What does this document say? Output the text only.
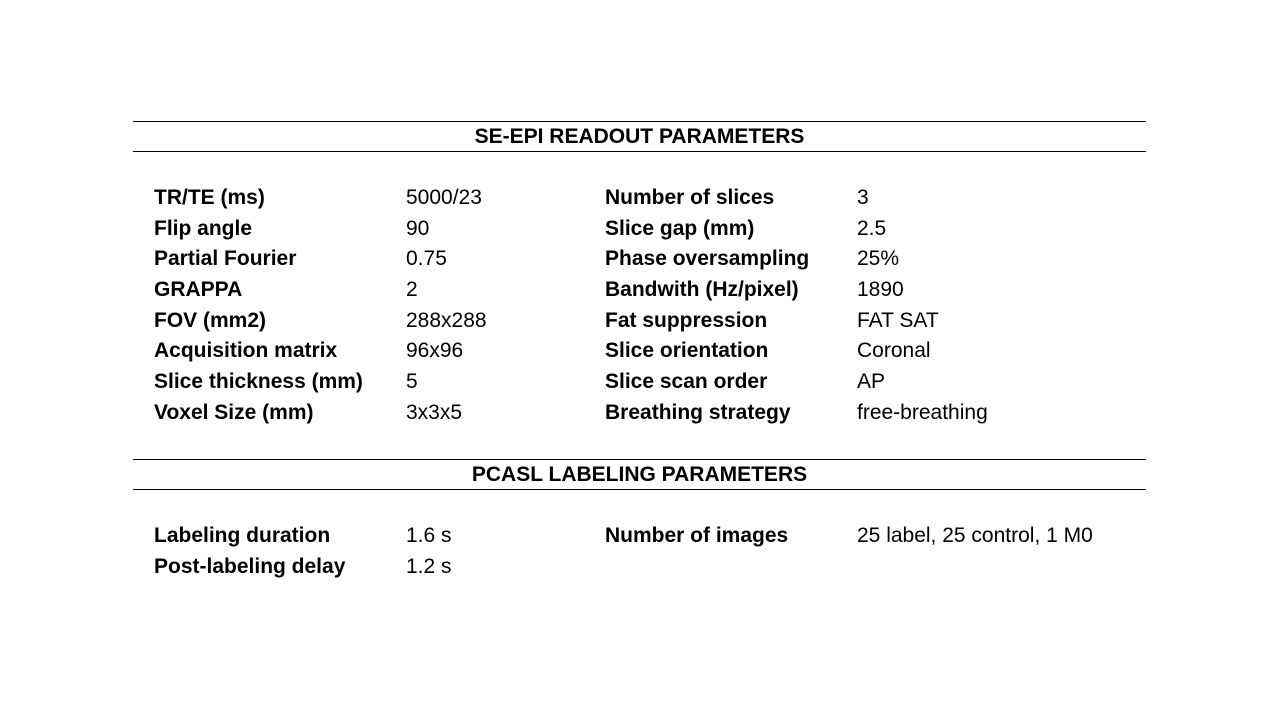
SE-EPI READOUT PARAMETERS
TR/TE (ms)	5000/23	Number of slices	3
Flip angle	90	Slice gap (mm)	2.5
Partial Fourier	0.75	Phase oversampling 25%
GRAPPA	2	Bandwith (Hz/pixel)	1890
FOV (mm2)	288x288	Fat suppression	FAT SAT
Acquisition matrix	96x96	Slice orientation	Coronal
Slice thickness (mm) 5	Slice scan order	AP
Voxel Size (mm)	3x3x5	Breathing strategy	free-breathing
PCASL LABELING PARAMETERS
Labeling duration	1.6 s	Number of images	25 label, 25 control, 1 M0
Post-labeling delay	1.2 s
